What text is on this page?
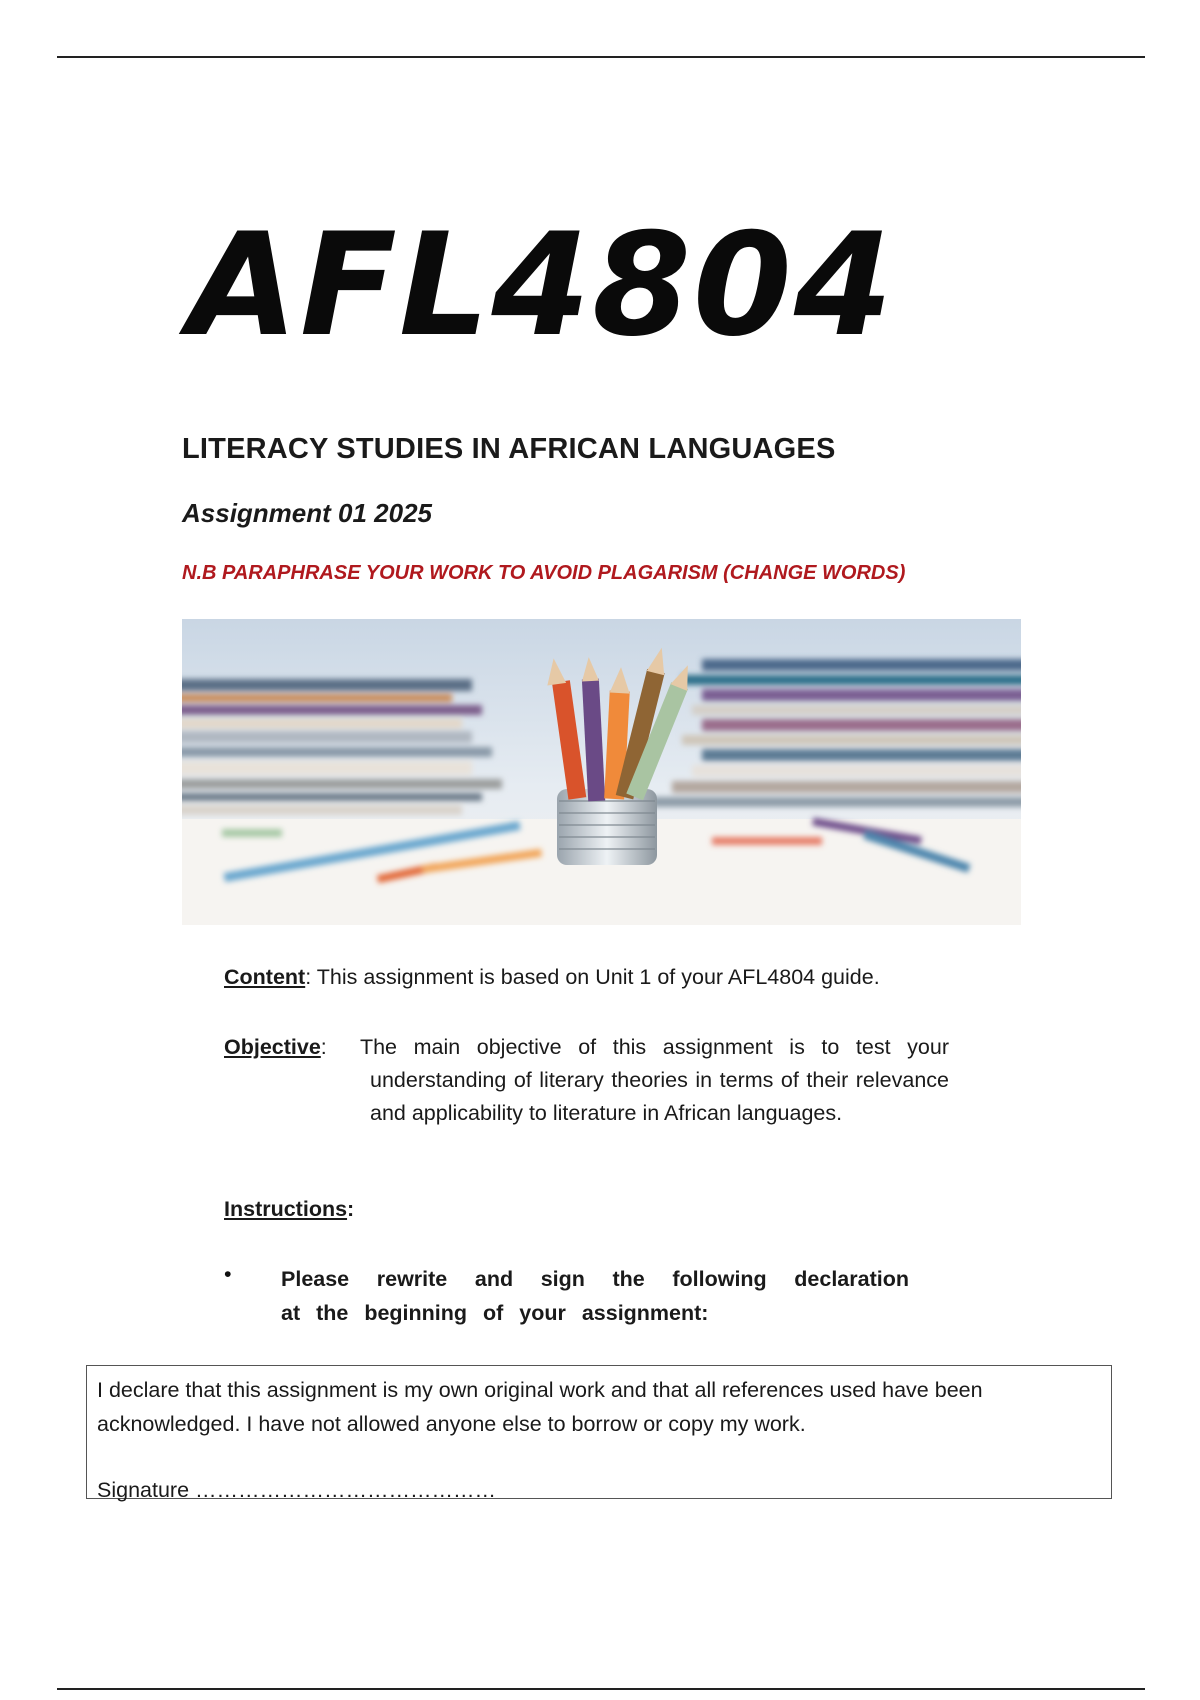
AFL4804
LITERACY STUDIES IN AFRICAN LANGUAGES
Assignment 01 2025
N.B PARAPHRASE YOUR WORK TO AVOID PLAGARISM (CHANGE WORDS)
Content: This assignment is based on Unit 1 of your AFL4804 guide.
Objective: The main objective of this assignment is to test your
understanding of literary theories in terms of their relevance and applicability to literature in African languages.
Instructions:
• Please rewrite and sign the following declaration
at the beginning of your assignment:
I declare that this assignment is my own original work and that all references used have been acknowledged. I have not allowed anyone else to borrow or copy my work.
Signature ……………………………………
